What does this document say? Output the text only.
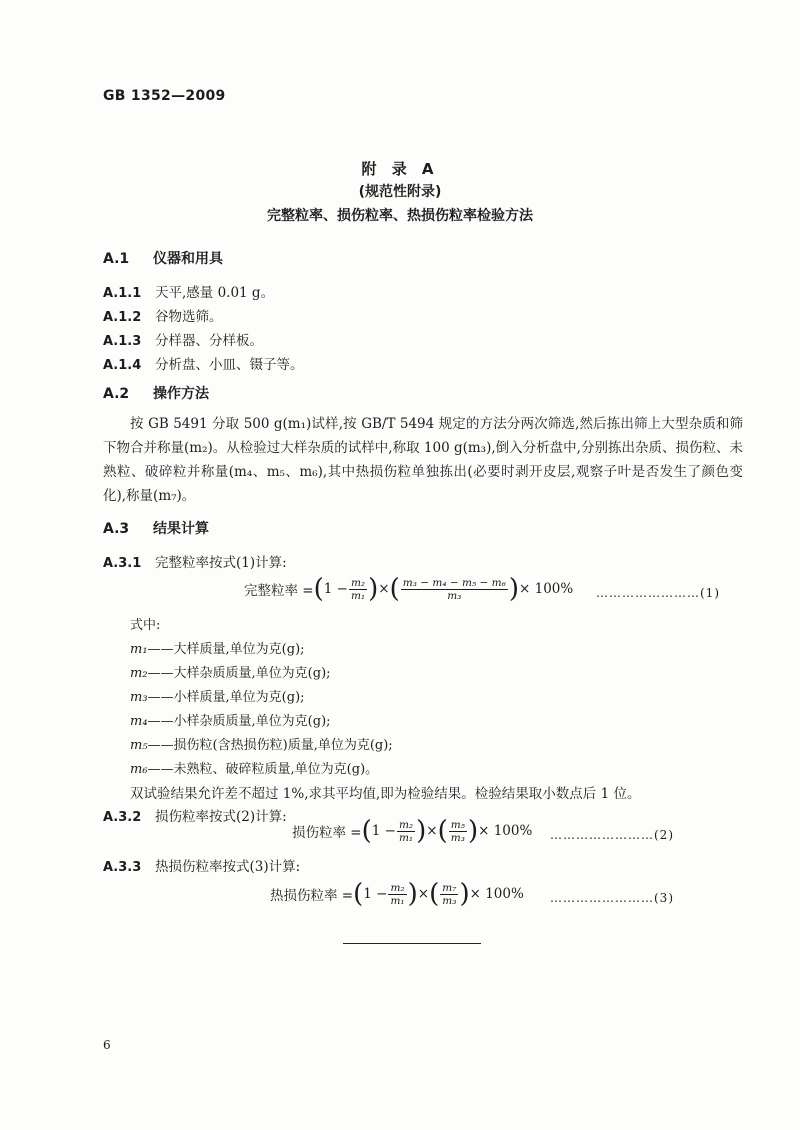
GB 1352—2009
附 录 A
(规范性附录)
完整粒率、损伤粒率、热损伤粒率检验方法
A.1 仪器和用具
A.1.1 天平,感量 0.01 g。
A.1.2 谷物选筛。
A.1.3 分样器、分样板。
A.1.4 分析盘、小皿、镊子等。
A.2 操作方法
按 GB 5491 分取 500 g(m₁)试样,按 GB/T 5494 规定的方法分两次筛选,然后拣出筛上大型杂质和筛下物合并称量(m₂)。从检验过大样杂质的试样中,称取 100 g(m₃),倒入分析盘中,分别拣出杂质、损伤粒、未熟粒、破碎粒并称量(m₄、m₅、m₆),其中热损伤粒单独拣出(必要时剥开皮层,观察子叶是否发生了颜色变化),称量(m₇)。
A.3 结果计算
A.3.1 完整粒率按式(1)计算:
完整粒率 = ( $1 - \frac{\text{m₂}}{\text{m₁}}$ ) × ( $\frac{\text{m₃ − m₄ − m₅ − m₆}}{\text{m₃}}$ ) × 100% ……………………(1)
式中:
m₁——大样质量,单位为克(g);
m₂——大样杂质质量,单位为克(g);
m₃——小样质量,单位为克(g);
m₄——小样杂质质量,单位为克(g);
m₅——损伤粒(含热损伤粒)质量,单位为克(g);
m₆——未熟粒、破碎粒质量,单位为克(g)。
双试验结果允许差不超过 1%,求其平均值,即为检验结果。检验结果取小数点后 1 位。
A.3.2 损伤粒率按式(2)计算:
损伤粒率 = ( $1 - \frac{\text{m₂}}{\text{m₁}}$ ) × ( $\frac{\text{m₅}}{\text{m₃}}$ ) × 100% ……………………(2)
A.3.3 热损伤粒率按式(3)计算:
热损伤粒率 = ( $1 - \frac{\text{m₂}}{\text{m₁}}$ ) × ( $\frac{\text{m₇}}{\text{m₃}}$ ) × 100% ……………………(3)
6
